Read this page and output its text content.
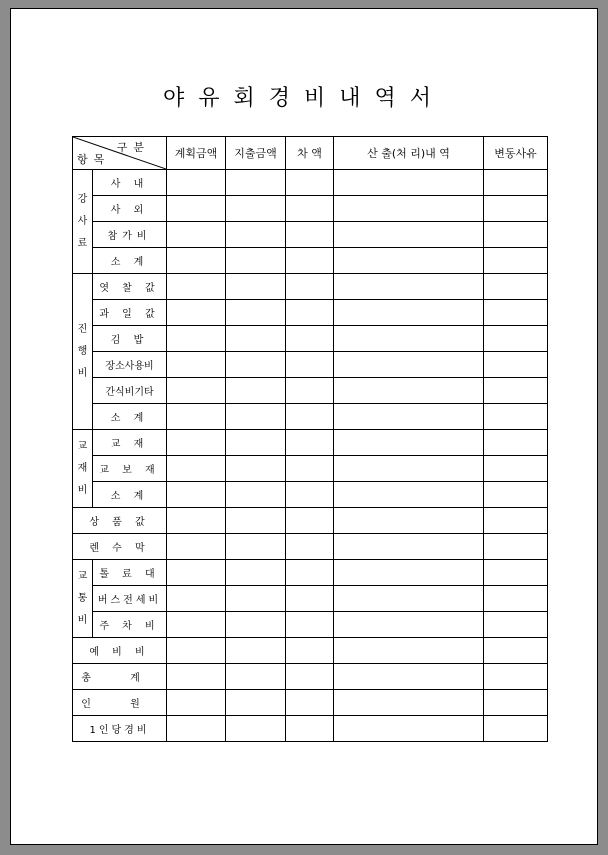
야유회경비내역서
구분
항목		계획금액	지출금액	차 액	산 출(처 리)내 역	변동사유

강
사
료	사 내					
	사 외					
	참가비					
	소 계					

진
행
비	엿 찰 값					
	과 일 값					
	김 밥					
	장소사용비					
	간식비기타					
	소 계					

교
재
비	교 재					
	교 보 재					
	소 계					
상 품 값						
렌 수 막						

교
통
비	톨 료 대					
	버스전세비					
	주 차 비					
예 비 비						
총 계						
인 원						
1인당경비						
